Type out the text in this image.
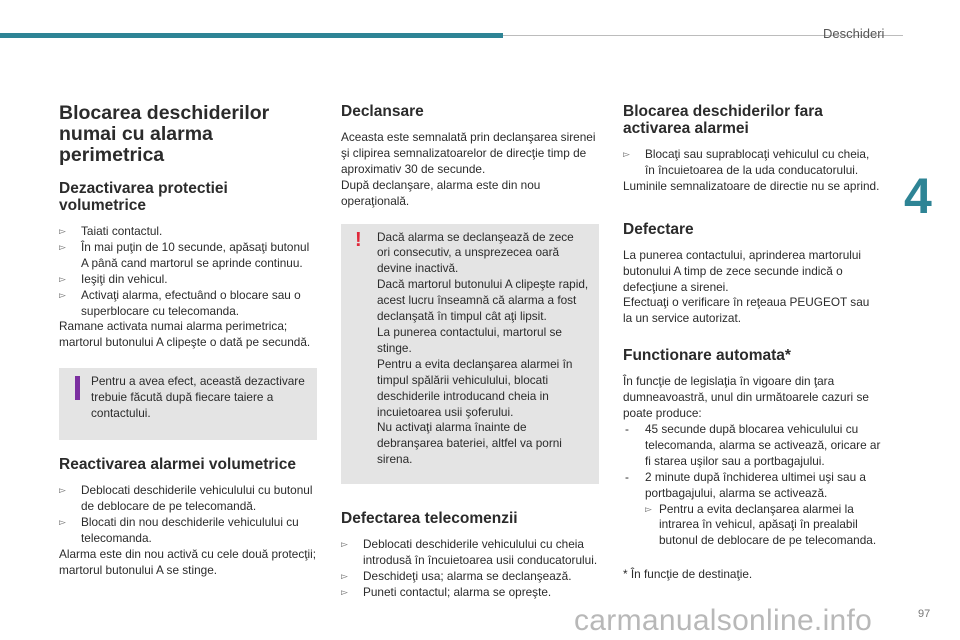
Deschideri
4
Blocarea deschiderilor numai cu alarma perimetrica
Dezactivarea protectiei volumetrice
▻ Taiati contactul.
▻ În mai puţin de 10 secunde, apăsaţi butonul A până cand martorul se aprinde continuu.
▻ Ieşiţi din vehicul.
▻ Activaţi alarma, efectuând o blocare sau o superblocare cu telecomanda.

Ramane activata numai alarma perimetrica; martorul butonului A clipeşte o dată pe secundă.

Pentru a avea efect, această dezactivare trebuie făcută după fiecare taiere a contactului.
Reactivarea alarmei volumetrice
▻ Deblocati deschiderile vehiculului cu butonul de deblocare de pe telecomandă.
▻ Blocati din nou deschiderile vehiculului cu telecomanda.

Alarma este din nou activă cu cele două protecţii; martorul butonului A se stinge.

Declansare

Aceasta este semnalată prin declanşarea sirenei şi clipirea semnalizatoarelor de direcţie timp de aproximativ 30 de secunde.
După declanşare, alarma este din nou operaţională.

!	Dacă alarma se declanşează de zece ori consecutiv, a unsprezecea oară devine inactivă.
Dacă martorul butonului A clipeşte rapid, acest lucru înseamnă că alarma a fost declanşată în timpul cât aţi lipsit.
La punerea contactului, martorul se stinge.
Pentru a evita declanşarea alarmei în timpul spălării vehiculului, blocati deschiderile introducand cheia in incuietoarea usii şoferului.
Nu activaţi alarma înainte de debranşarea bateriei, altfel va porni sirena.
Defectarea telecomenzii
▻ Deblocati deschiderile vehiculului cu cheia introdusă în încuietoarea usii conducatorului.
▻ Deschideţi usa; alarma se declanşează.
▻ Puneti contactul; alarma se opreşte.
Blocarea deschiderilor fara activarea alarmei
▻ Blocaţi sau suprablocaţi vehiculul cu cheia, în încuietoarea de la uda conducatorului.

Luminile semnalizatoare de directie nu se aprind.

Defectare

La punerea contactului, aprinderea martorului butonului A timp de zece secunde indică o defecţiune a sirenei.
Efectuaţi o verificare în reţeaua PEUGEOT sau la un service autorizat.

Functionare automata*

În funcţie de legislaţia în vigoare din ţara dumneavoastră, unul din următoarele cazuri se poate produce:

- 45 secunde după blocarea vehiculului cu telecomanda, alarma se activează, oricare ar fi starea uşilor sau a portbagajului.
- 2 minute după închiderea ultimei uşi sau a portbagajului, alarma se activează.
▻ Pentru a evita declanşarea alarmei la intrarea în vehicul, apăsaţi în prealabil butonul de deblocare de pe telecomanda.

* În funcţie de destinaţie.

carmanualsonline.info	97
